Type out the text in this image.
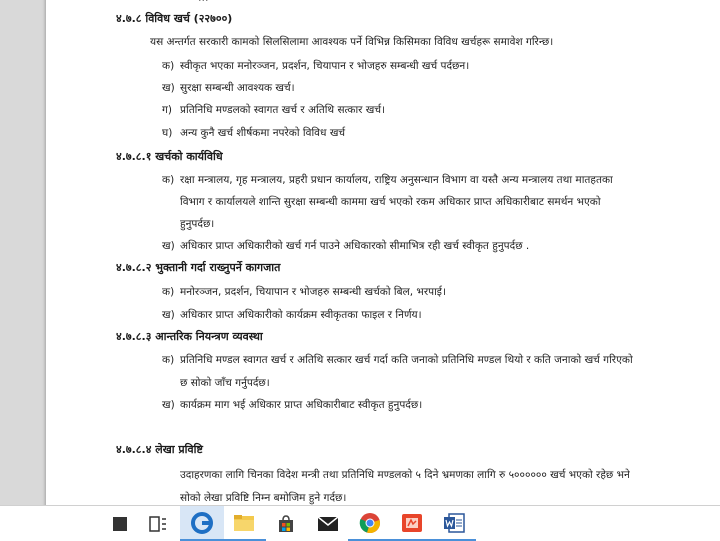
४.७.८ विविध खर्च (२२७००)
यस अन्तर्गत सरकारी कामको सिलसिलामा आवश्यक पर्ने विभिन्न किसिमका विविध खर्चहरू समावेश गरिन्छ।
क) स्वीकृत भएका मनोरञ्जन, प्रदर्शन, चियापान र भोजहरु सम्बन्धी खर्च पर्दछन।
ख) सुरक्षा सम्बन्धी आवश्यक खर्च।
ग) प्रतिनिधि मण्डलको स्वागत खर्च र अतिथि सत्कार खर्च।
घ) अन्य कुनै खर्च शीर्षकमा नपरेको विविध खर्च
४.७.८.१ खर्चको कार्यविधि
क) रक्षा मन्त्रालय, गृह मन्त्रालय, प्रहरी प्रधान कार्यालय, राष्ट्रिय अनुसन्धान विभाग वा यस्तै अन्य मन्त्रालय तथा मातहतका
विभाग र कार्यालयले शान्ति सुरक्षा सम्बन्धी काममा खर्च भएको रकम अधिकार प्राप्त अधिकारीबाट समर्थन भएको
हुनुपर्दछ।
ख) अधिकार प्राप्त अधिकारीको खर्च गर्न पाउने अधिकारको सीमाभित्र रही खर्च स्वीकृत हुनुपर्दछ .
४.७.८.२ भुक्तानी गर्दा राख्नुपर्ने कागजात
क) मनोरञ्जन, प्रदर्शन, चियापान र भोजहरु सम्बन्धी खर्चको बिल, भरपाई।
ख) अधिकार प्राप्त अधिकारीको कार्यक्रम स्वीकृतका फाइल र निर्णय।
४.७.८.३ आन्तरिक नियन्त्रण व्यवस्था
क) प्रतिनिधि मण्डल स्वागत खर्च र अतिथि सत्कार खर्च गर्दा कति जनाको प्रतिनिधि मण्डल थियो र कति जनाको खर्च गरिएको
छ सोको जाँच गर्नुपर्दछ।
ख) कार्यक्रम माग भई अधिकार प्राप्त अधिकारीबाट स्वीकृत हुनुपर्दछ।
४.७.८.४ लेखा प्रविष्टि
उदाहरणका लागि चिनका विदेश मन्त्री तथा प्रतिनिधि मण्डलको ५ दिने भ्रमणका लागि रु ५०००००० खर्च भएको रहेछ भने
सोको लेखा प्रविष्टि निम्न बमोजिम हुने गर्दछ।
